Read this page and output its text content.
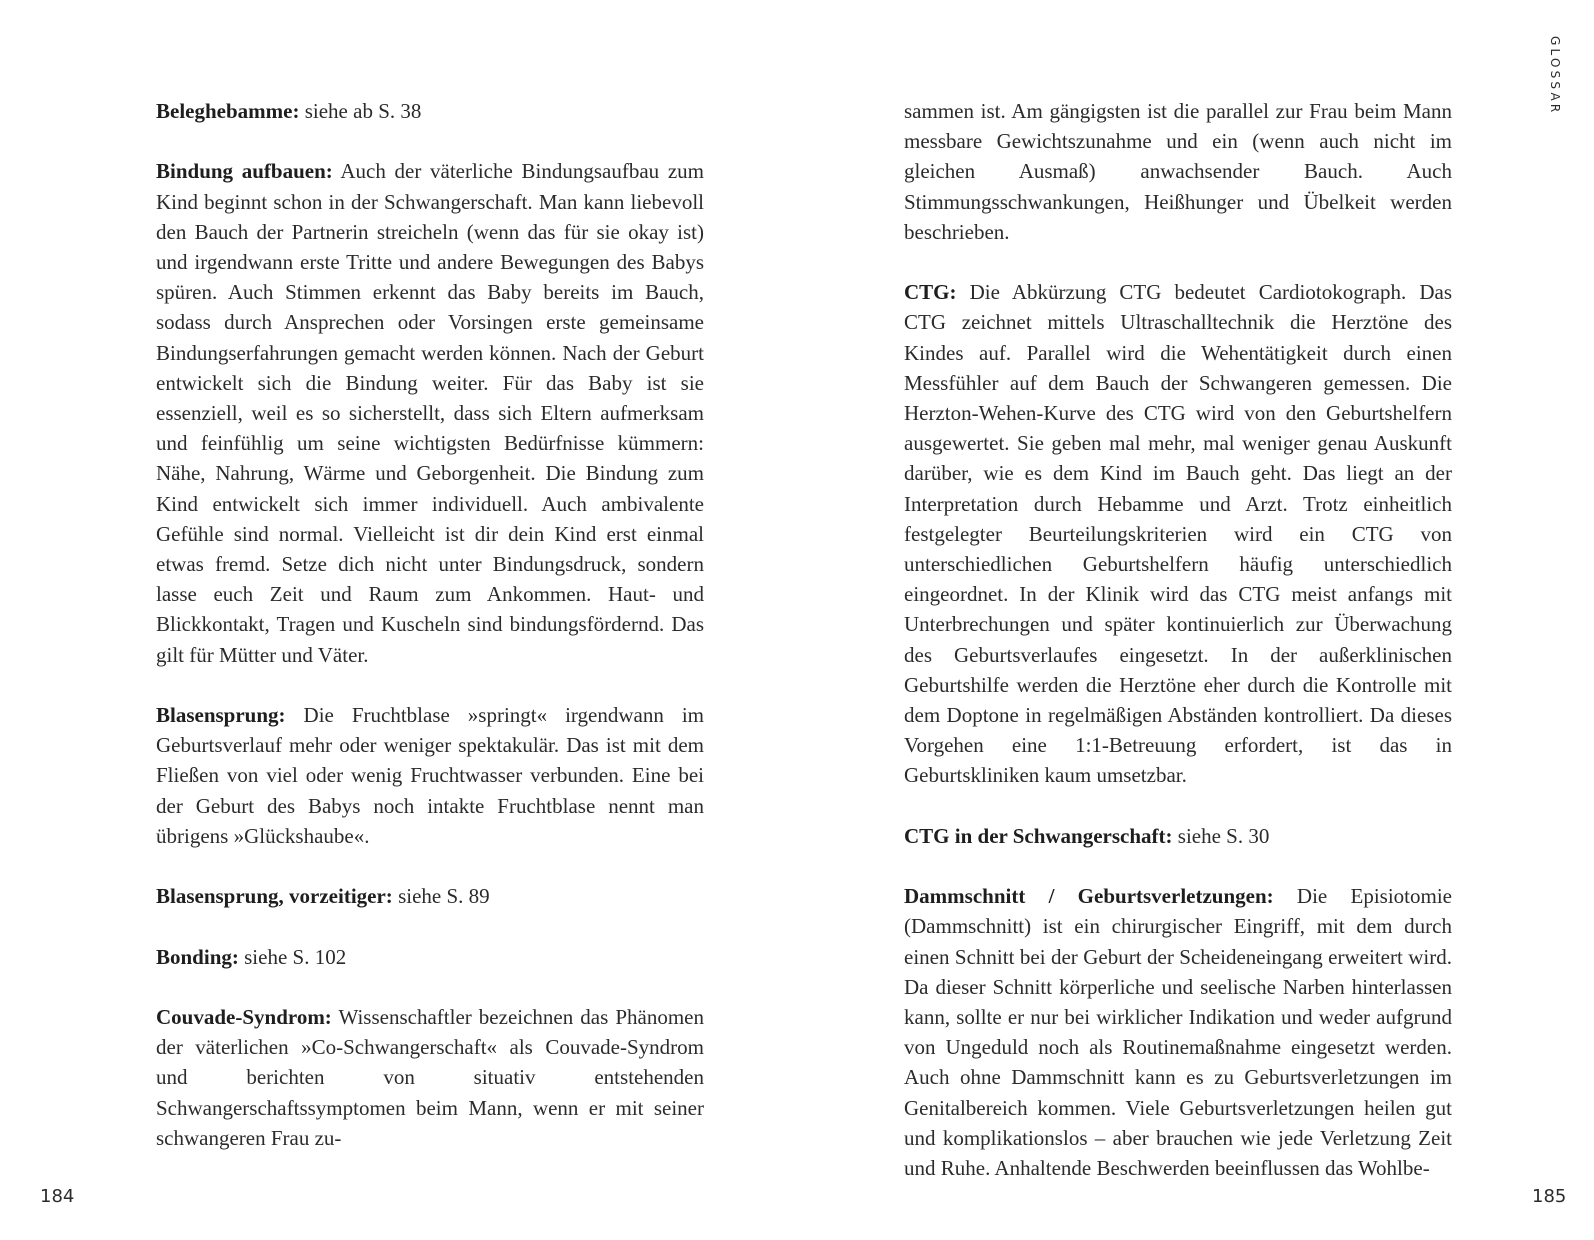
GLOSSAR

Beleghebamme: siehe ab S. 38

Bindung aufbauen: Auch der väterliche Bindungsaufbau zum Kind beginnt schon in der Schwangerschaft. Man kann liebevoll den Bauch der Partnerin streicheln (wenn das für sie okay ist) und irgendwann erste Tritte und andere Bewegungen des Babys spüren. Auch Stimmen erkennt das Baby bereits im Bauch, sodass durch Ansprechen oder Vorsingen erste gemeinsame Bindungserfahrungen gemacht werden können. Nach der Geburt entwickelt sich die Bindung weiter. Für das Baby ist sie essenziell, weil es so sicherstellt, dass sich Eltern aufmerksam und feinfühlig um seine wichtigsten Bedürfnisse kümmern: Nähe, Nahrung, Wärme und Geborgenheit. Die Bindung zum Kind entwickelt sich immer individuell. Auch ambivalente Gefühle sind normal. Vielleicht ist dir dein Kind erst einmal etwas fremd. Setze dich nicht unter Bindungsdruck, sondern lasse euch Zeit und Raum zum Ankommen. Haut- und Blickkontakt, Tragen und Kuscheln sind bindungsfördernd. Das gilt für Mütter und Väter.

Blasensprung: Die Fruchtblase »springt« irgendwann im Geburtsverlauf mehr oder weniger spektakulär. Das ist mit dem Fließen von viel oder wenig Fruchtwasser verbunden. Eine bei der Geburt des Babys noch intakte Fruchtblase nennt man übrigens »Glückshaube«.

Blasensprung, vorzeitiger: siehe S. 89

Bonding: siehe S. 102

Couvade-Syndrom: Wissenschaftler bezeichnen das Phänomen der väterlichen »Co-Schwangerschaft« als Couvade-Syndrom und berichten von situativ entstehenden Schwangerschaftssymptomen beim Mann, wenn er mit seiner schwangeren Frau zu-

sammen ist. Am gängigsten ist die parallel zur Frau beim Mann messbare Gewichtszunahme und ein (wenn auch nicht im gleichen Ausmaß) anwachsender Bauch. Auch Stimmungsschwankungen, Heißhunger und Übelkeit werden beschrieben.

CTG: Die Abkürzung CTG bedeutet Cardiotokograph. Das CTG zeichnet mittels Ultraschalltechnik die Herztöne des Kindes auf. Parallel wird die Wehentätigkeit durch einen Messfühler auf dem Bauch der Schwangeren gemessen. Die Herzton-Wehen-Kurve des CTG wird von den Geburtshelfern ausgewertet. Sie geben mal mehr, mal weniger genau Auskunft darüber, wie es dem Kind im Bauch geht. Das liegt an der Interpretation durch Hebamme und Arzt. Trotz einheitlich festgelegter Beurteilungskriterien wird ein CTG von unterschiedlichen Geburtshelfern häufig unterschiedlich eingeordnet. In der Klinik wird das CTG meist anfangs mit Unterbrechungen und später kontinuierlich zur Überwachung des Geburtsverlaufes eingesetzt. In der außerklinischen Geburtshilfe werden die Herztöne eher durch die Kontrolle mit dem Doptone in regelmäßigen Abständen kontrolliert. Da dieses Vorgehen eine 1:1-Betreuung erfordert, ist das in Geburtskliniken kaum umsetzbar.

CTG in der Schwangerschaft: siehe S. 30

Dammschnitt / Geburtsverletzungen: Die Episiotomie (Dammschnitt) ist ein chirurgischer Eingriff, mit dem durch einen Schnitt bei der Geburt der Scheideneingang erweitert wird. Da dieser Schnitt körperliche und seelische Narben hinterlassen kann, sollte er nur bei wirklicher Indikation und weder aufgrund von Ungeduld noch als Routinemaßnahme eingesetzt werden. Auch ohne Dammschnitt kann es zu Geburtsverletzungen im Genitalbereich kommen. Viele Geburtsverletzungen heilen gut und komplikationslos – aber brauchen wie jede Verletzung Zeit und Ruhe. Anhaltende Beschwerden beeinflussen das Wohlbe-

184	185
